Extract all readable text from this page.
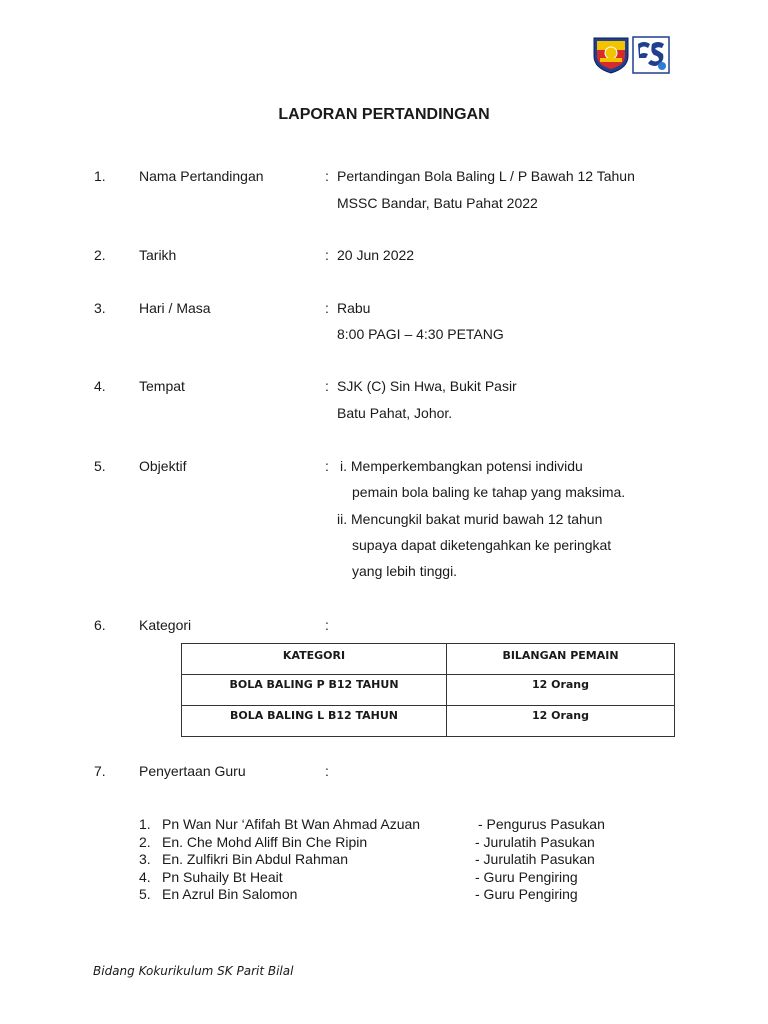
LAPORAN PERTANDINGAN
1. Nama Pertandingan	: Pertandingan Bola Baling L / P Bawah 12 Tahun
MSSC Bandar, Batu Pahat 2022
2. Tarikh	: 20 Jun 2022
3. Hari / Masa	: Rabu
8:00 PAGI – 4:30 PETANG
4. Tempat	: SJK (C) Sin Hwa, Bukit Pasir
Batu Pahat, Johor.
5. Objektif	: i. Memperkembangkan potensi individu
pemain bola baling ke tahap yang maksima.
ii. Mencungkil bakat murid bawah 12 tahun
supaya dapat diketengahkan ke peringkat
yang lebih tinggi.
6. Kategori	:
KATEGORI	BILANGAN PEMAIN
BOLA BALING P B12 TAHUN	12 Orang
BOLA BALING L B12 TAHUN	12 Orang
7. Penyertaan Guru	:
1. Pn Wan Nur ‘Afifah Bt Wan Ahmad Azuan	- Pengurus Pasukan
2. En. Che Mohd Aliff Bin Che Ripin	- Jurulatih Pasukan
3. En. Zulfikri Bin Abdul Rahman	- Jurulatih Pasukan
4. Pn Suhaily Bt Heait	- Guru Pengiring
5. En Azrul Bin Salomon	- Guru Pengiring
Bidang Kokurikulum SK Parit Bilal
